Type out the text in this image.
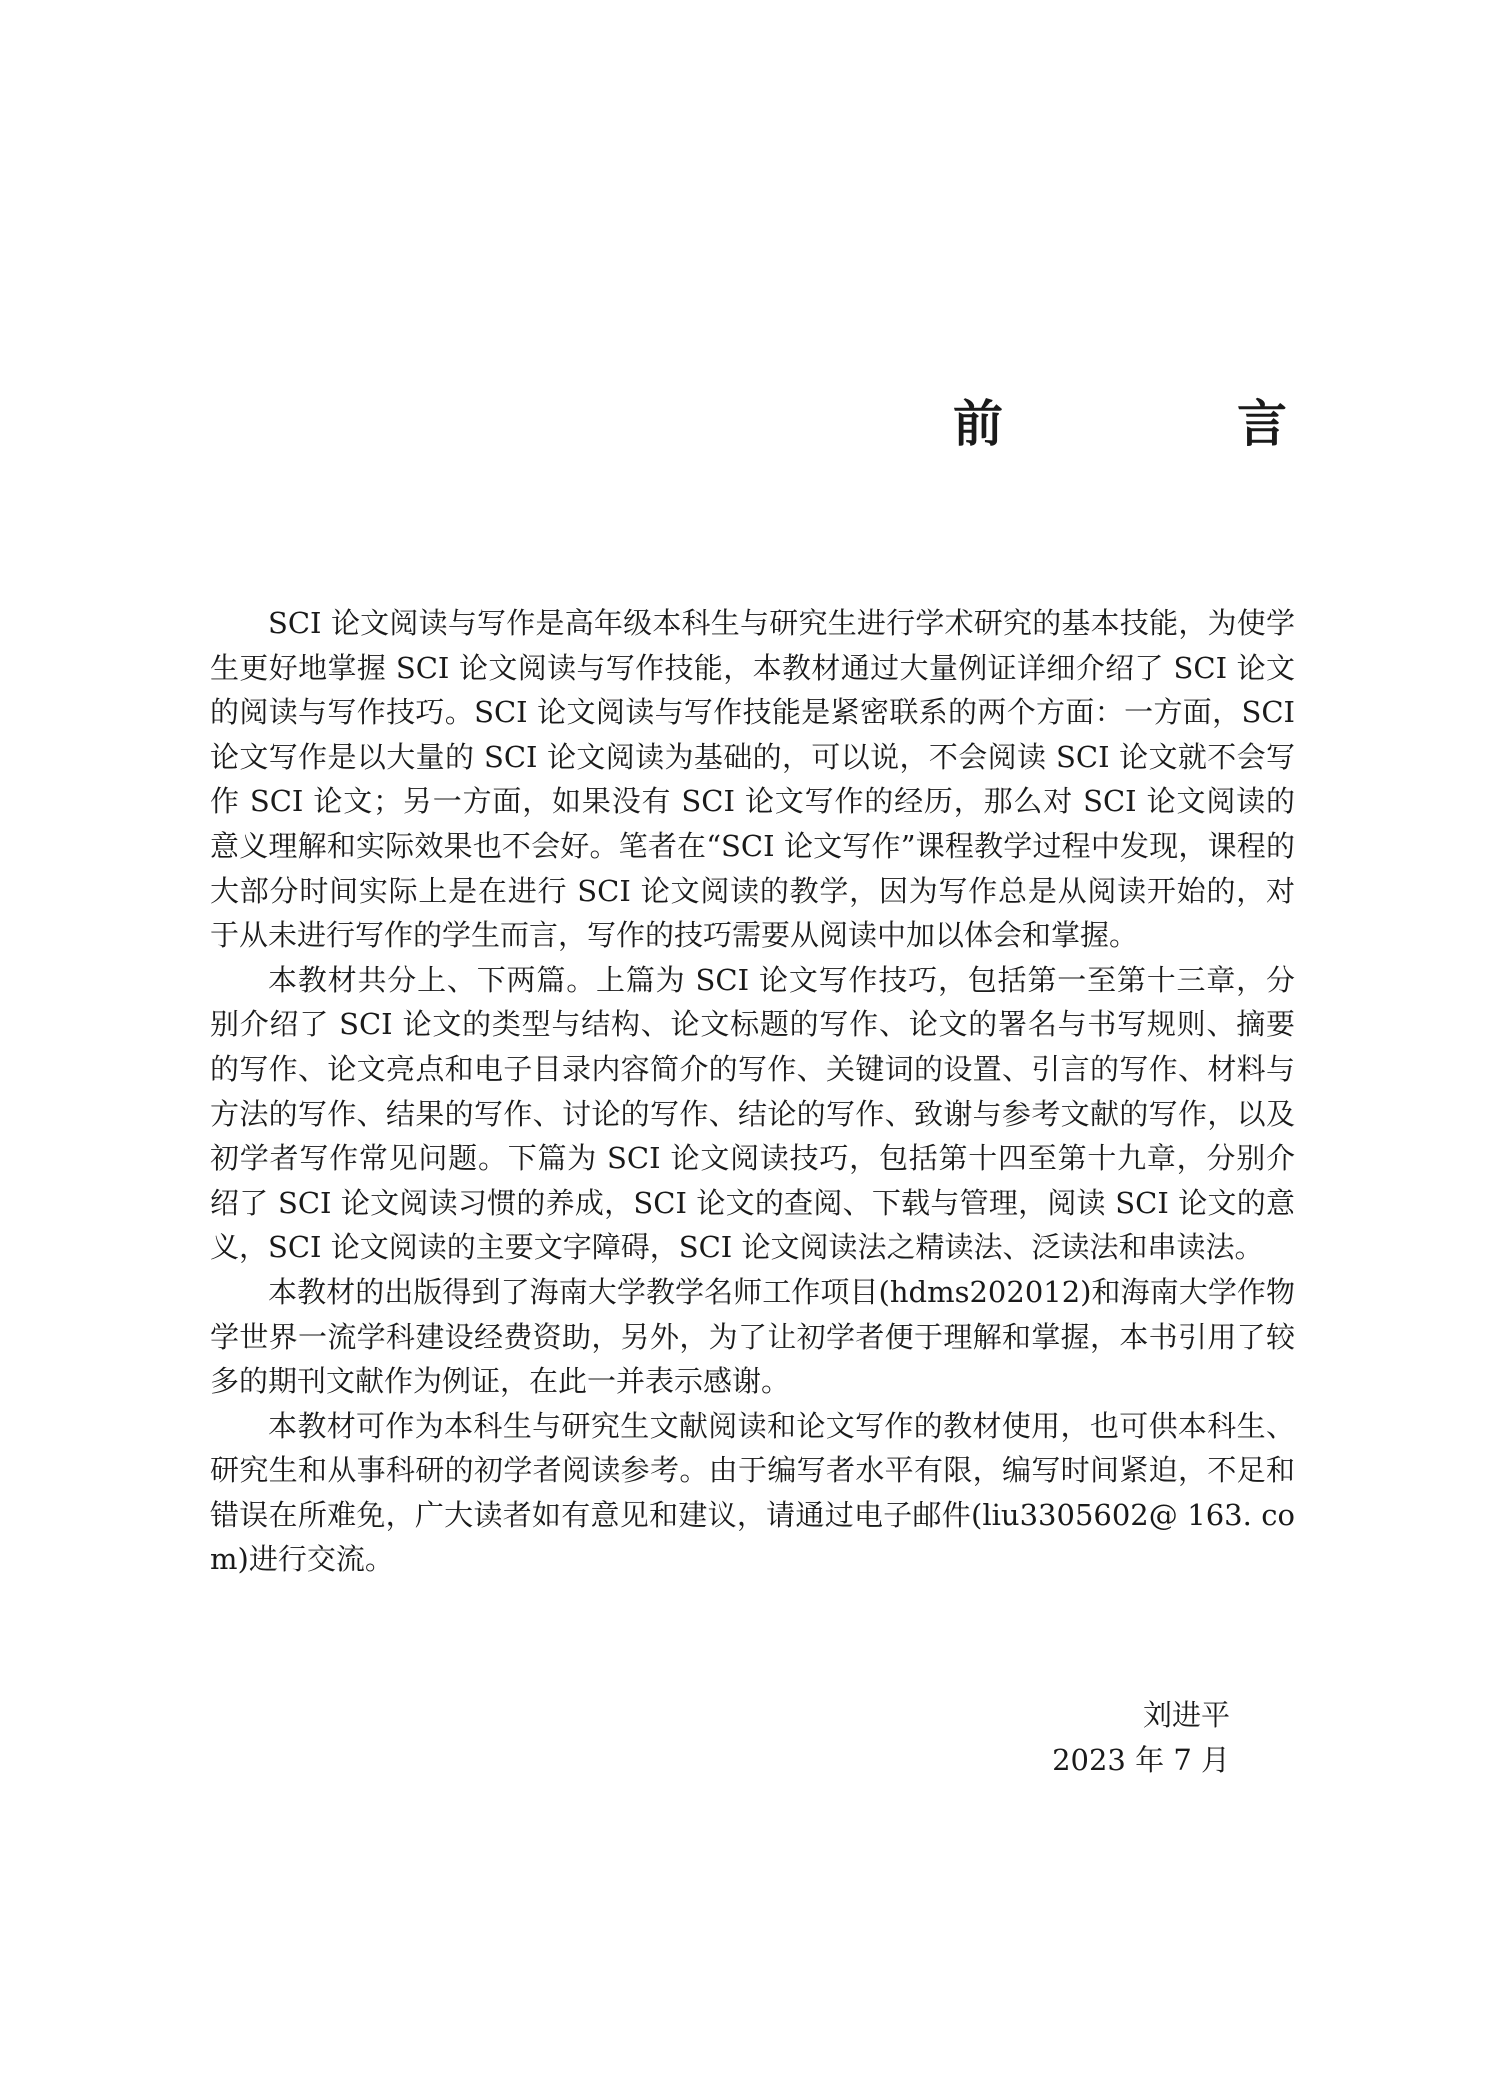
前　言

SCI 论文阅读与写作是高年级本科生与研究生进行学术研究的基本技能，为使学生更好地掌握 SCI 论文阅读与写作技能，本教材通过大量例证详细介绍了 SCI 论文的阅读与写作技巧。SCI 论文阅读与写作技能是紧密联系的两个方面：一方面，SCI 论文写作是以大量的 SCI 论文阅读为基础的，可以说，不会阅读 SCI 论文就不会写作 SCI 论文；另一方面，如果没有 SCI 论文写作的经历，那么对 SCI 论文阅读的意义理解和实际效果也不会好。笔者在“SCI 论文写作”课程教学过程中发现，课程的大部分时间实际上是在进行 SCI 论文阅读的教学，因为写作总是从阅读开始的，对于从未进行写作的学生而言，写作的技巧需要从阅读中加以体会和掌握。

本教材共分上、下两篇。上篇为 SCI 论文写作技巧，包括第一至第十三章，分别介绍了 SCI 论文的类型与结构、论文标题的写作、论文的署名与书写规则、摘要的写作、论文亮点和电子目录内容简介的写作、关键词的设置、引言的写作、材料与方法的写作、结果的写作、讨论的写作、结论的写作、致谢与参考文献的写作，以及初学者写作常见问题。下篇为 SCI 论文阅读技巧，包括第十四至第十九章，分别介绍了 SCI 论文阅读习惯的养成，SCI 论文的查阅、下载与管理，阅读 SCI 论文的意义，SCI 论文阅读的主要文字障碍，SCI 论文阅读法之精读法、泛读法和串读法。

本教材的出版得到了海南大学教学名师工作项目(hdms202012)和海南大学作物学世界一流学科建设经费资助，另外，为了让初学者便于理解和掌握，本书引用了较多的期刊文献作为例证，在此一并表示感谢。

本教材可作为本科生与研究生文献阅读和论文写作的教材使用，也可供本科生、研究生和从事科研的初学者阅读参考。由于编写者水平有限，编写时间紧迫，不足和错误在所难免，广大读者如有意见和建议，请通过电子邮件(liu3305602@ 163. com)进行交流。

刘进平
2023 年 7 月
